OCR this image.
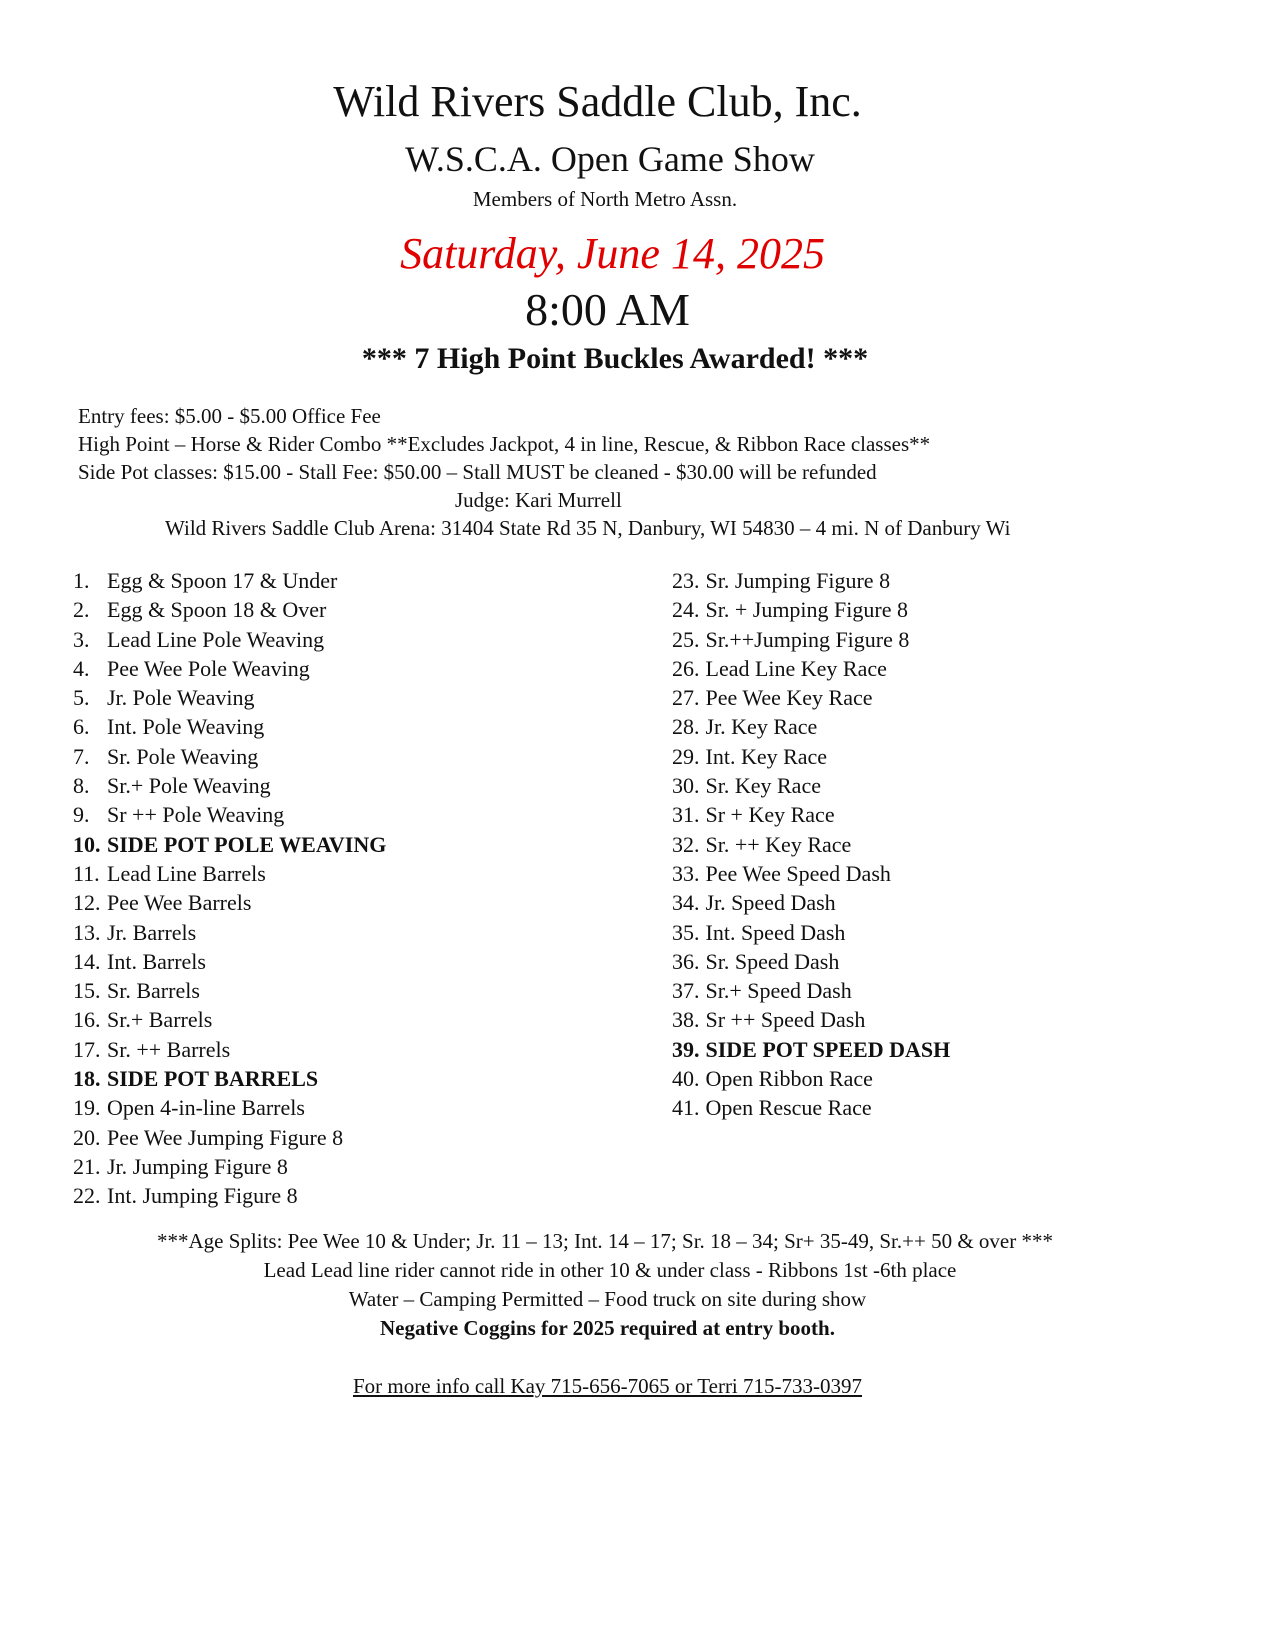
Wild Rivers Saddle Club, Inc.
W.S.C.A. Open Game Show
Members of North Metro Assn.
Saturday, June 14, 2025
8:00 AM
*** 7 High Point Buckles Awarded! ***
Entry fees: $5.00 - $5.00 Office Fee
High Point – Horse & Rider Combo **Excludes Jackpot, 4 in line, Rescue, & Ribbon Race classes**
Side Pot classes: $15.00 - Stall Fee: $50.00 – Stall MUST be cleaned - $30.00 will be refunded
Judge: Kari Murrell
Wild Rivers Saddle Club Arena: 31404 State Rd 35 N, Danbury, WI 54830 – 4 mi. N of Danbury Wi
1. Egg & Spoon 17 & Under
2. Egg & Spoon 18 & Over
3. Lead Line Pole Weaving
4. Pee Wee Pole Weaving
5. Jr. Pole Weaving
6. Int. Pole Weaving
7. Sr. Pole Weaving
8. Sr.+ Pole Weaving
9. Sr ++ Pole Weaving
10. SIDE POT POLE WEAVING
11. Lead Line Barrels
12. Pee Wee Barrels
13. Jr. Barrels
14. Int. Barrels
15. Sr. Barrels
16. Sr.+ Barrels
17. Sr. ++ Barrels
18. SIDE POT BARRELS
19. Open 4-in-line Barrels
20. Pee Wee Jumping Figure 8
21. Jr. Jumping Figure 8
22. Int. Jumping Figure 8
23. Sr. Jumping Figure 8
24. Sr. + Jumping Figure 8
25. Sr.++Jumping Figure 8
26. Lead Line Key Race
27. Pee Wee Key Race
28. Jr. Key Race
29. Int. Key Race
30. Sr. Key Race
31. Sr + Key Race
32. Sr. ++ Key Race
33. Pee Wee Speed Dash
34. Jr. Speed Dash
35. Int. Speed Dash
36. Sr. Speed Dash
37. Sr.+ Speed Dash
38. Sr ++ Speed Dash
39. SIDE POT SPEED DASH
40. Open Ribbon Race
41. Open Rescue Race
***Age Splits: Pee Wee 10 & Under; Jr. 11 – 13; Int. 14 – 17; Sr. 18 – 34; Sr+ 35-49, Sr.++ 50 & over ***
Lead Lead line rider cannot ride in other 10 & under class - Ribbons 1st -6th place
Water – Camping Permitted – Food truck on site during show
Negative Coggins for 2025 required at entry booth.
For more info call Kay 715-656-7065 or Terri 715-733-0397
